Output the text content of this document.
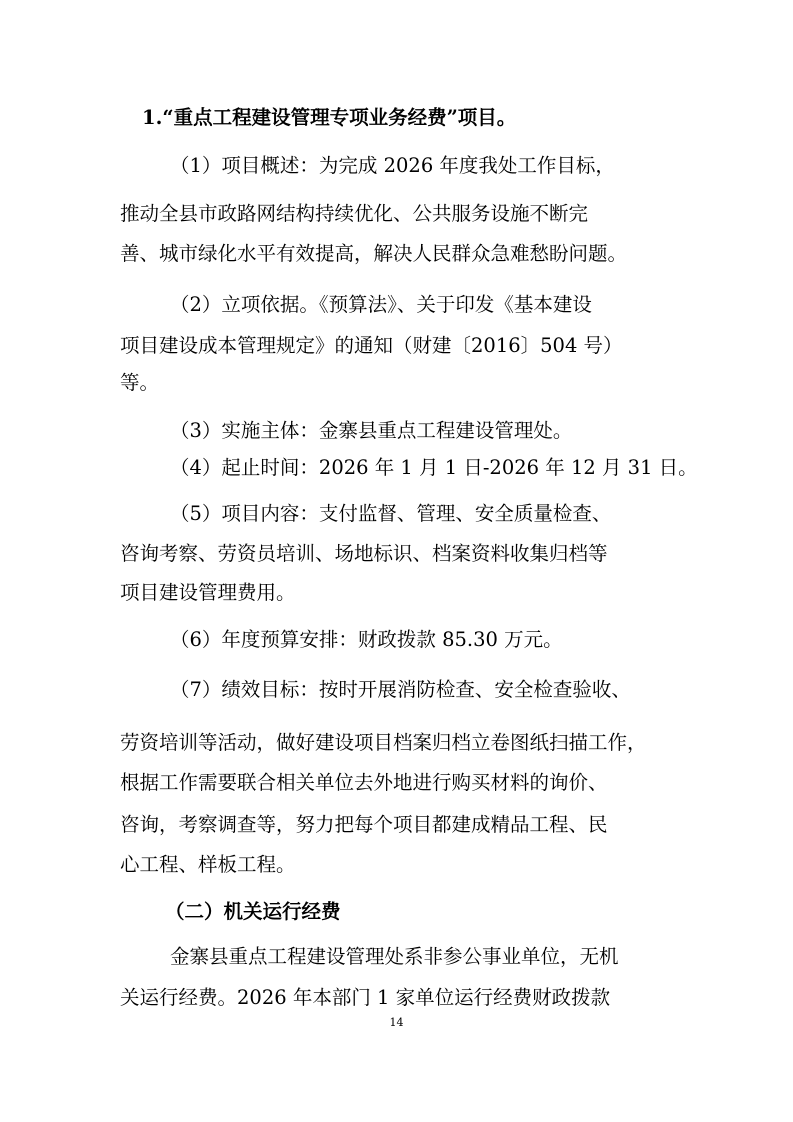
1.“重点工程建设管理专项业务经费”项目。
（1）项目概述：为完成 2026 年度我处工作目标，
推动全县市政路网结构持续优化、公共服务设施不断完
善、城市绿化水平有效提高，解决人民群众急难愁盼问题。
（2）立项依据。《预算法》、关于印发《基本建设
项目建设成本管理规定》的通知（财建〔2016〕504 号）
等。
（3）实施主体：金寨县重点工程建设管理处。
（4）起止时间：2026 年 1 月 1 日-2026 年 12 月 31 日。
（5）项目内容：支付监督、管理、安全质量检查、
咨询考察、劳资员培训、场地标识、档案资料收集归档等
项目建设管理费用。
（6）年度预算安排：财政拨款 85.30 万元。
（7）绩效目标：按时开展消防检查、安全检查验收、
劳资培训等活动，做好建设项目档案归档立卷图纸扫描工作，
根据工作需要联合相关单位去外地进行购买材料的询价、
咨询，考察调查等，努力把每个项目都建成精品工程、民
心工程、样板工程。
（二）机关运行经费
金寨县重点工程建设管理处系非参公事业单位，无机
关运行经费。2026 年本部门 1 家单位运行经费财政拨款
14
